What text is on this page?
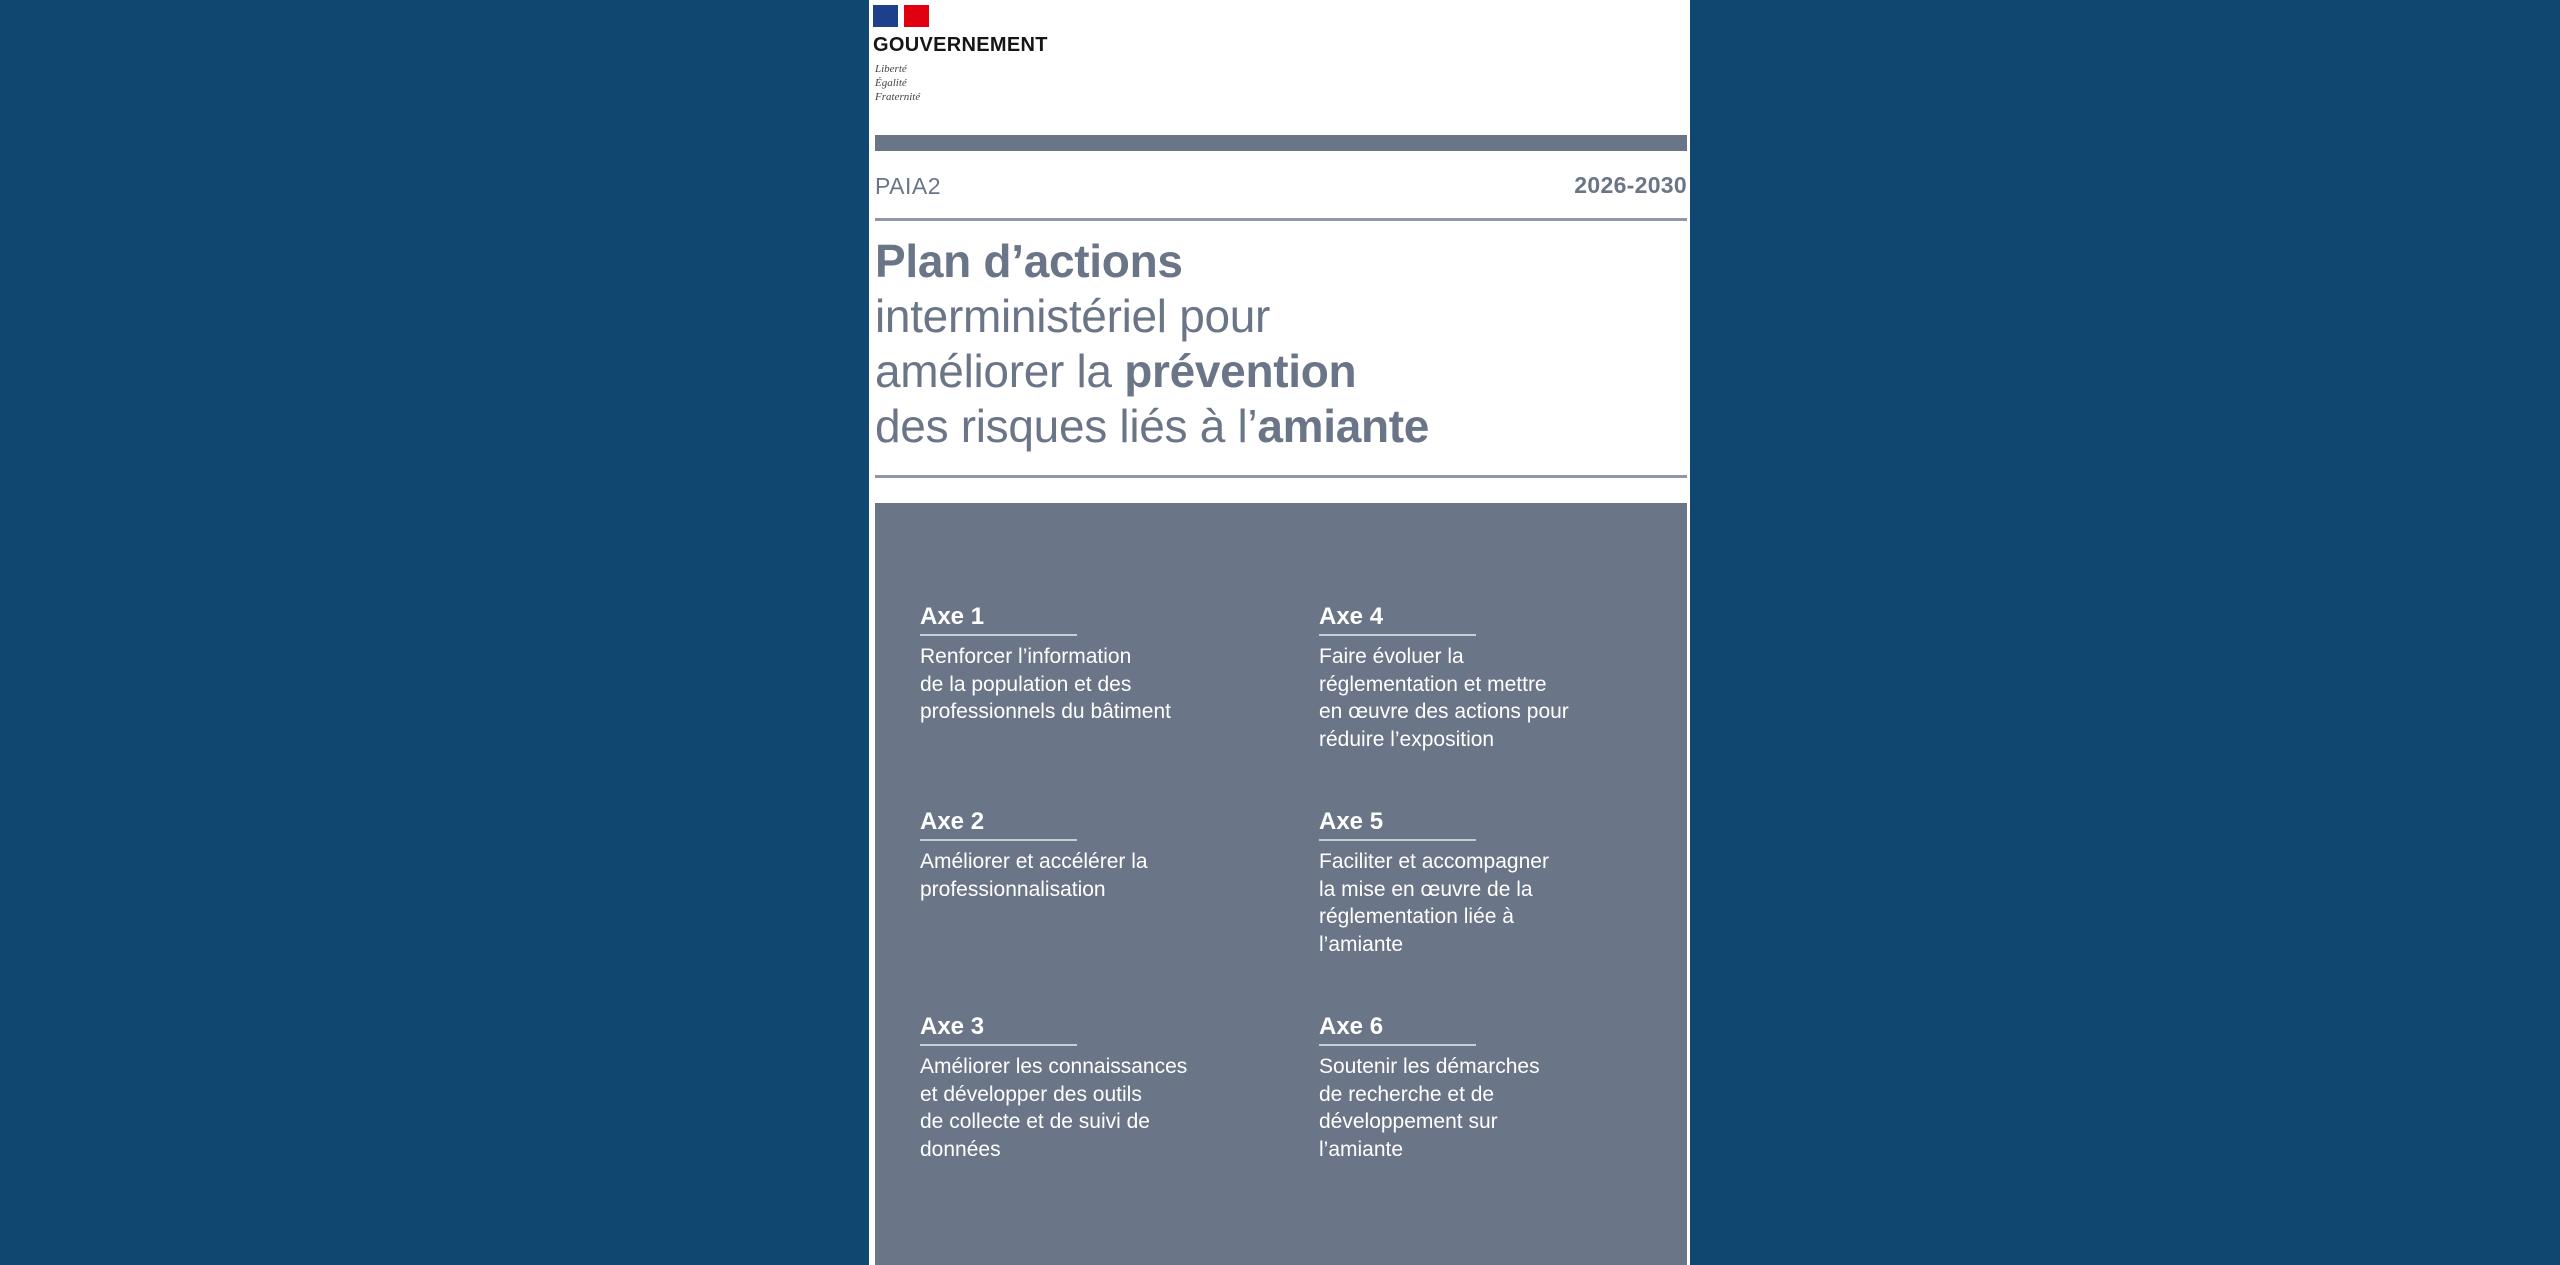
GOUVERNEMENT
Liberté
Égalité
Fraternité
PAIA2	2026-2030
Plan d’actions
interministériel pour
améliorer la prévention
des risques liés à l’amiante
Axe 1
Renforcer l’information
de la population et des
professionnels du bâtiment
Axe 2
Améliorer et accélérer la
professionnalisation
Axe 3
Améliorer les connaissances
et développer des outils
de collecte et de suivi de
données
Axe 4
Faire évoluer la
réglementation et mettre
en œuvre des actions pour
réduire l’exposition
Axe 5
Faciliter et accompagner
la mise en œuvre de la
réglementation liée à
l’amiante
Axe 6
Soutenir les démarches
de recherche et de
développement sur
l’amiante
